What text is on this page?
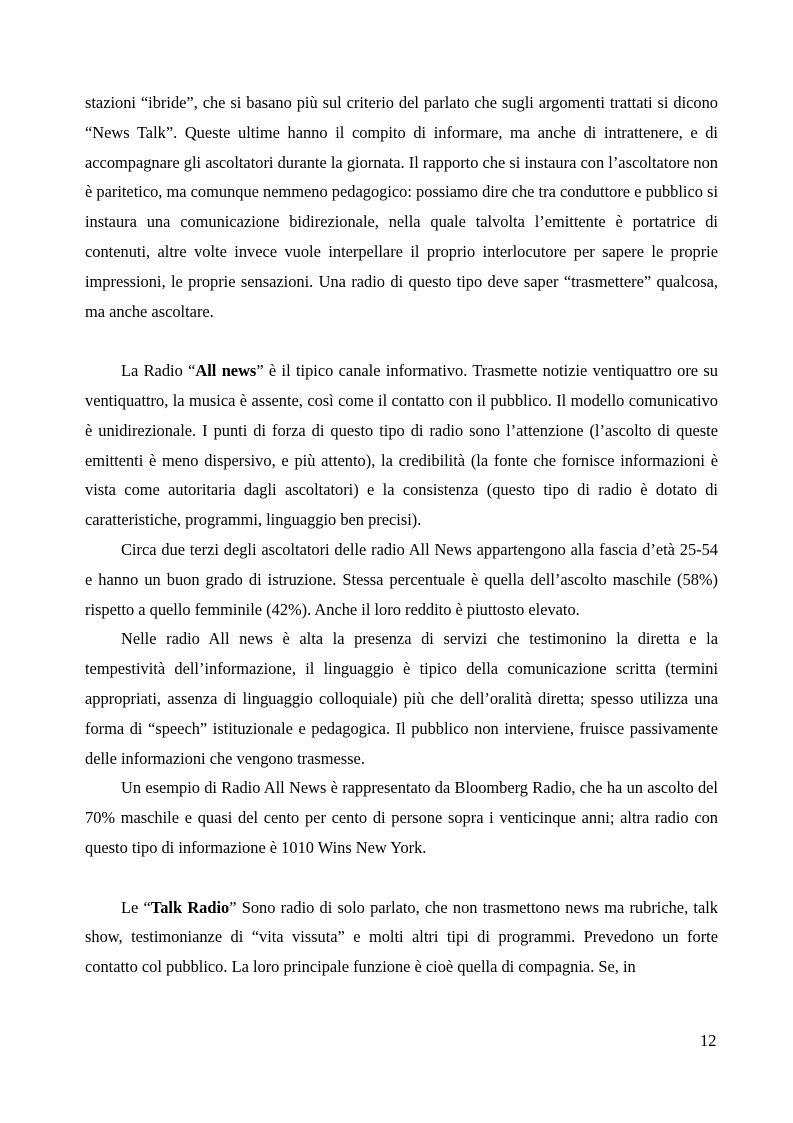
stazioni “ibride”, che si basano più sul criterio del parlato che sugli argomenti trattati si dicono “News Talk”. Queste ultime hanno il compito di informare, ma anche di intrattenere, e di accompagnare gli ascoltatori durante la giornata. Il rapporto che si instaura con l’ascoltatore non è paritetico, ma comunque nemmeno pedagogico: possiamo dire che tra conduttore e pubblico si instaura una comunicazione bidirezionale, nella quale talvolta l’emittente è portatrice di contenuti, altre volte invece vuole interpellare il proprio interlocutore per sapere le proprie impressioni, le proprie sensazioni. Una radio di questo tipo deve saper “trasmettere” qualcosa, ma anche ascoltare.

La Radio “All news” è il tipico canale informativo. Trasmette notizie ventiquattro ore su ventiquattro, la musica è assente, così come il contatto con il pubblico. Il modello comunicativo è unidirezionale. I punti di forza di questo tipo di radio sono l’attenzione (l’ascolto di queste emittenti è meno dispersivo, e più attento), la credibilità (la fonte che fornisce informazioni è vista come autoritaria dagli ascoltatori) e la consistenza (questo tipo di radio è dotato di caratteristiche, programmi, linguaggio ben precisi).

Circa due terzi degli ascoltatori delle radio All News appartengono alla fascia d’età 25-54 e hanno un buon grado di istruzione. Stessa percentuale è quella dell’ascolto maschile (58%) rispetto a quello femminile (42%). Anche il loro reddito è piuttosto elevato.

Nelle radio All news è alta la presenza di servizi che testimonino la diretta e la tempestività dell’informazione, il linguaggio è tipico della comunicazione scritta (termini appropriati, assenza di linguaggio colloquiale) più che dell’oralità diretta; spesso utilizza una forma di “speech” istituzionale e pedagogica. Il pubblico non interviene, fruisce passivamente delle informazioni che vengono trasmesse.

Un esempio di Radio All News è rappresentato da Bloomberg Radio, che ha un ascolto del 70% maschile e quasi del cento per cento di persone sopra i venticinque anni; altra radio con questo tipo di informazione è 1010 Wins New York.

Le “Talk Radio” Sono radio di solo parlato, che non trasmettono news ma rubriche, talk show, testimonianze di “vita vissuta” e molti altri tipi di programmi. Prevedono un forte contatto col pubblico. La loro principale funzione è cioè quella di compagnia. Se, in

12
